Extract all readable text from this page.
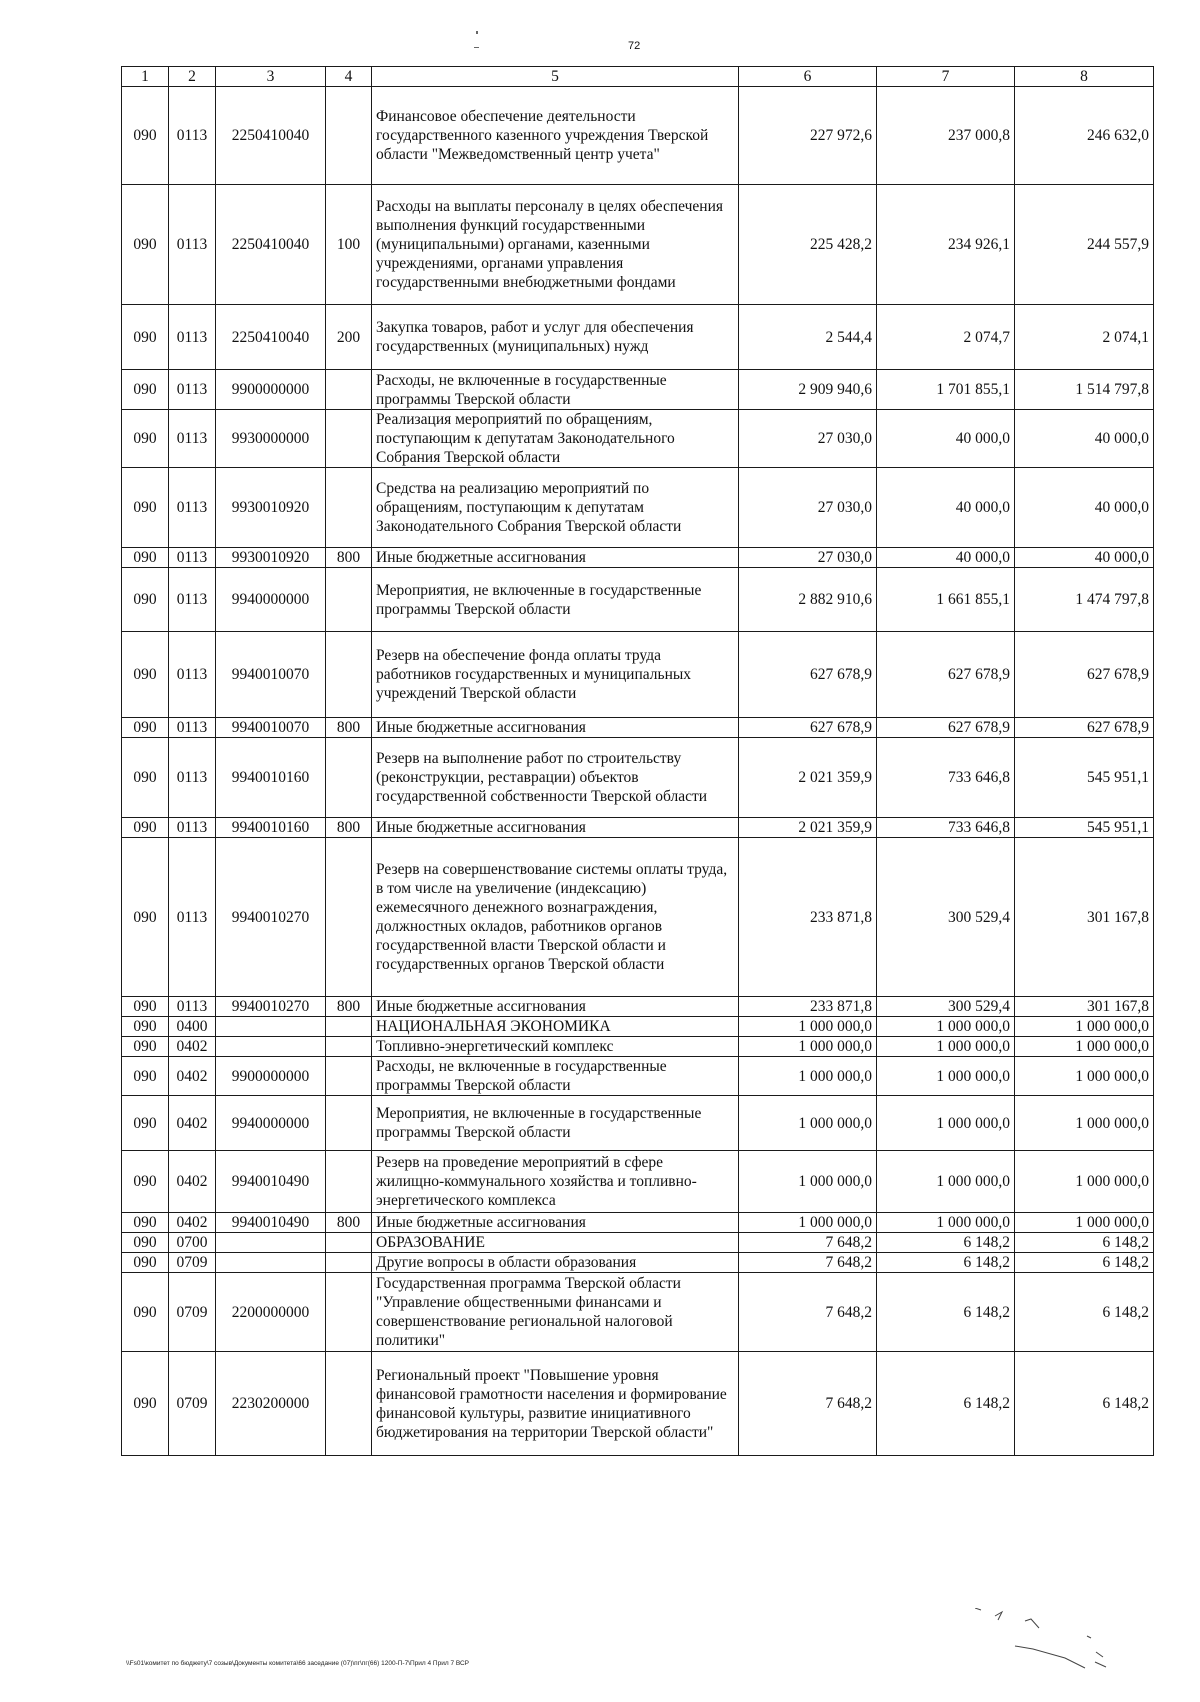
72
1	2	3	4	5	6	7	8
090	0113	2250410040		Финансовое обеспечение деятельности государственного казенного учреждения Тверской области "Межведомственный центр учета"	227 972,6	237 000,8	246 632,0
090	0113	2250410040	100	Расходы на выплаты персоналу в целях обеспечения выполнения функций государственными (муниципальными) органами, казенными учреждениями, органами управления государственными внебюджетными фондами	225 428,2	234 926,1	244 557,9
090	0113	2250410040	200	Закупка товаров, работ и услуг для обеспечения государственных (муниципальных) нужд	2 544,4	2 074,7	2 074,1
090	0113	9900000000		Расходы, не включенные в государственные программы Тверской области	2 909 940,6	1 701 855,1	1 514 797,8
090	0113	9930000000		Реализация мероприятий по обращениям, поступающим к депутатам Законодательного Собрания Тверской области	27 030,0	40 000,0	40 000,0
090	0113	9930010920		Средства на реализацию мероприятий по обращениям, поступающим к депутатам Законодательного Собрания Тверской области	27 030,0	40 000,0	40 000,0
090	0113	9930010920	800	Иные бюджетные ассигнования	27 030,0	40 000,0	40 000,0
090	0113	9940000000		Мероприятия, не включенные в государственные программы Тверской области	2 882 910,6	1 661 855,1	1 474 797,8
090	0113	9940010070		Резерв на обеспечение фонда оплаты труда работников государственных и муниципальных учреждений Тверской области	627 678,9	627 678,9	627 678,9
090	0113	9940010070	800	Иные бюджетные ассигнования	627 678,9	627 678,9	627 678,9
090	0113	9940010160		Резерв на выполнение работ по строительству (реконструкции, реставрации) объектов государственной собственности Тверской области	2 021 359,9	733 646,8	545 951,1
090	0113	9940010160	800	Иные бюджетные ассигнования	2 021 359,9	733 646,8	545 951,1
090	0113	9940010270		Резерв на совершенствование системы оплаты труда, в том числе на увеличение (индексацию) ежемесячного денежного вознаграждения, должностных окладов, работников органов государственной власти Тверской области и государственных органов Тверской области	233 871,8	300 529,4	301 167,8
090	0113	9940010270	800	Иные бюджетные ассигнования	233 871,8	300 529,4	301 167,8
090	0400			НАЦИОНАЛЬНАЯ ЭКОНОМИКА	1 000 000,0	1 000 000,0	1 000 000,0
090	0402			Топливно-энергетический комплекс	1 000 000,0	1 000 000,0	1 000 000,0
090	0402	9900000000		Расходы, не включенные в государственные программы Тверской области	1 000 000,0	1 000 000,0	1 000 000,0
090	0402	9940000000		Мероприятия, не включенные в государственные программы Тверской области	1 000 000,0	1 000 000,0	1 000 000,0
090	0402	9940010490		Резерв на проведение мероприятий в сфере жилищно-коммунального хозяйства и топливно-энергетического комплекса	1 000 000,0	1 000 000,0	1 000 000,0
090	0402	9940010490	800	Иные бюджетные ассигнования	1 000 000,0	1 000 000,0	1 000 000,0
090	0700			ОБРАЗОВАНИЕ	7 648,2	6 148,2	6 148,2
090	0709			Другие вопросы в области образования	7 648,2	6 148,2	6 148,2
090	0709	2200000000		Государственная программа Тверской области "Управление общественными финансами и совершенствование региональной налоговой политики"	7 648,2	6 148,2	6 148,2
090	0709	2230200000		Региональный проект "Повышение уровня финансовой грамотности населения и формирование финансовой культуры, развитие инициативного бюджетирования на территории Тверской области"	7 648,2	6 148,2	6 148,2
\\Fs01\комитет по бюджету\7 созыв\Документы комитета\66 заседание (07)\пг\пг(66) 1200-П-7\Прил 4 Прил 7 ВСР
